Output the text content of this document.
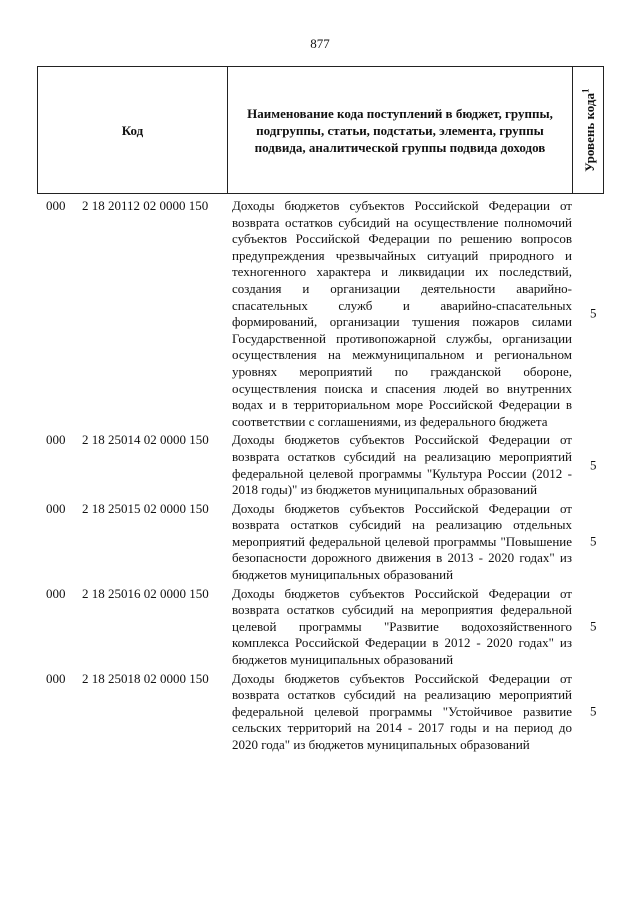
877
Код
Наименование кода поступлений в бюджет, группы, подгруппы, статьи, подстатьи, элемента, группы подвида, аналитической группы подвида доходов	Уровень кода$^1$
000 2 18 20112 02 0000 150 Доходы бюджетов субъектов Российской Федерации от возврата остатков субсидий на осуществление полномочий субъектов Российской Федерации по решению вопросов предупреждения чрезвычайных ситуаций природного и техногенного характера и ликвидации их последствий, создания и организации деятельности аварийно-спасательных служб и аварийно-спасательных формирований, организации тушения пожаров силами Государственной противопожарной службы, организации осуществления на межмуниципальном и региональном уровнях мероприятий по гражданской обороне, осуществления поиска и спасения людей во внутренних водах и в территориальном море Российской Федерации в соответствии с соглашениями, из федерального бюджета
5
000 2 18 25014 02 0000 150 Доходы бюджетов субъектов Российской Федерации от возврата остатков субсидий на реализацию мероприятий федеральной целевой программы "Культура России (2012 - 2018 годы)" из бюджетов муниципальных образований
5
000 2 18 25015 02 0000 150 Доходы бюджетов субъектов Российской Федерации от возврата остатков субсидий на реализацию отдельных мероприятий федеральной целевой программы "Повышение безопасности дорожного движения в 2013 - 2020 годах" из бюджетов муниципальных образований
5
000 2 18 25016 02 0000 150 Доходы бюджетов субъектов Российской Федерации от возврата остатков субсидий на мероприятия федеральной целевой программы "Развитие водохозяйственного комплекса Российской Федерации в 2012 - 2020 годах" из бюджетов муниципальных образований
5
000 2 18 25018 02 0000 150 Доходы бюджетов субъектов Российской Федерации от возврата остатков субсидий на реализацию мероприятий федеральной целевой программы "Устойчивое развитие сельских территорий на 2014 - 2017 годы и на период до 2020 года" из бюджетов муниципальных образований
5
